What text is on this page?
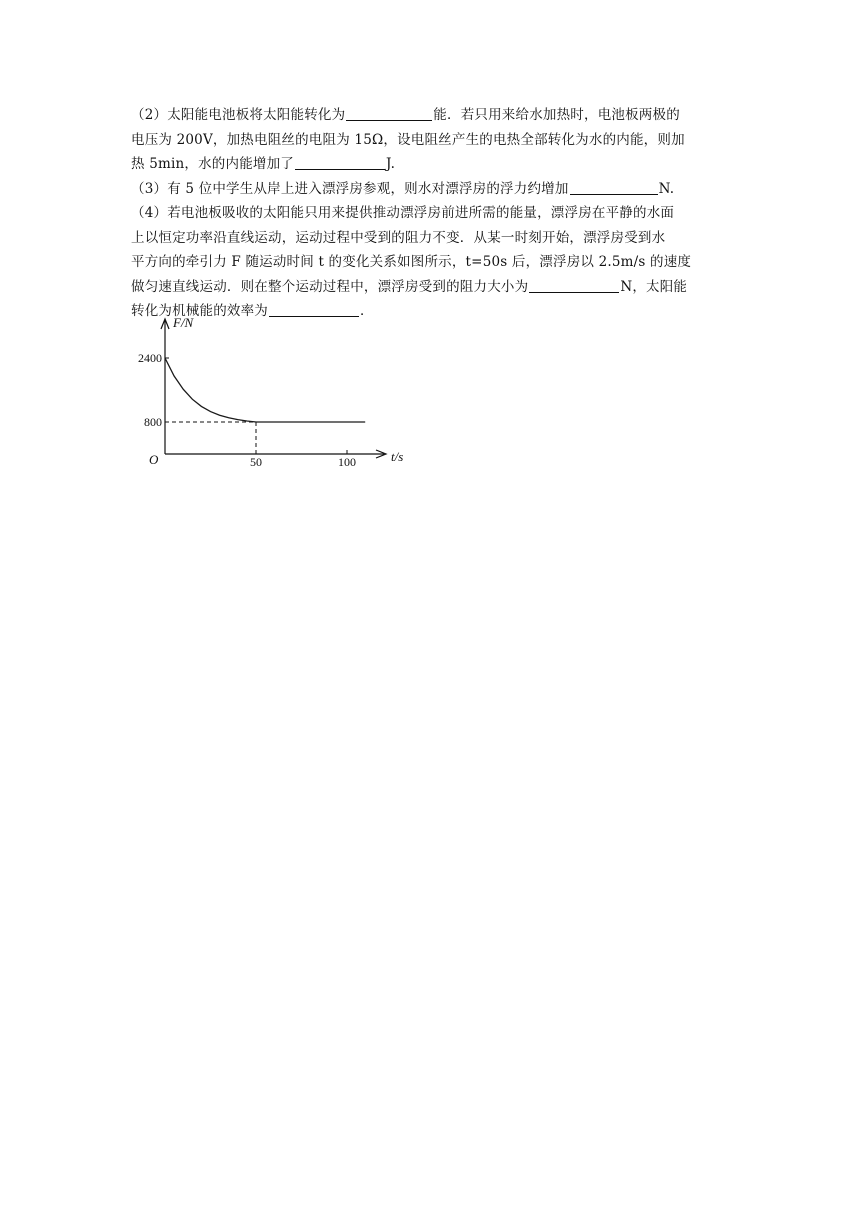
（2）太阳能电池板将太阳能转化为	能．若只用来给水加热时，电池板两极的
电压为 200V，加热电阻丝的电阻为 15Ω，设电阻丝产生的电热全部转化为水的内能，则加
热 5min，水的内能增加了	J.
（3）有 5 位中学生从岸上进入漂浮房参观，则水对漂浮房的浮力约增加	N.
（4）若电池板吸收的太阳能只用来提供推动漂浮房前进所需的能量，漂浮房在平静的水面
上以恒定功率沿直线运动，运动过程中受到的阻力不变．从某一时刻开始，漂浮房受到水
平方向的牵引力 F 随运动时间 t 的变化关系如图所示，t=50s 后，漂浮房以 2.5m/s 的速度
做匀速直线运动．则在整个运动过程中，漂浮房受到的阻力大小为	N，太阳能
转化为机械能的效率为	．
F/N
t/s
O	50	100
800
2400
